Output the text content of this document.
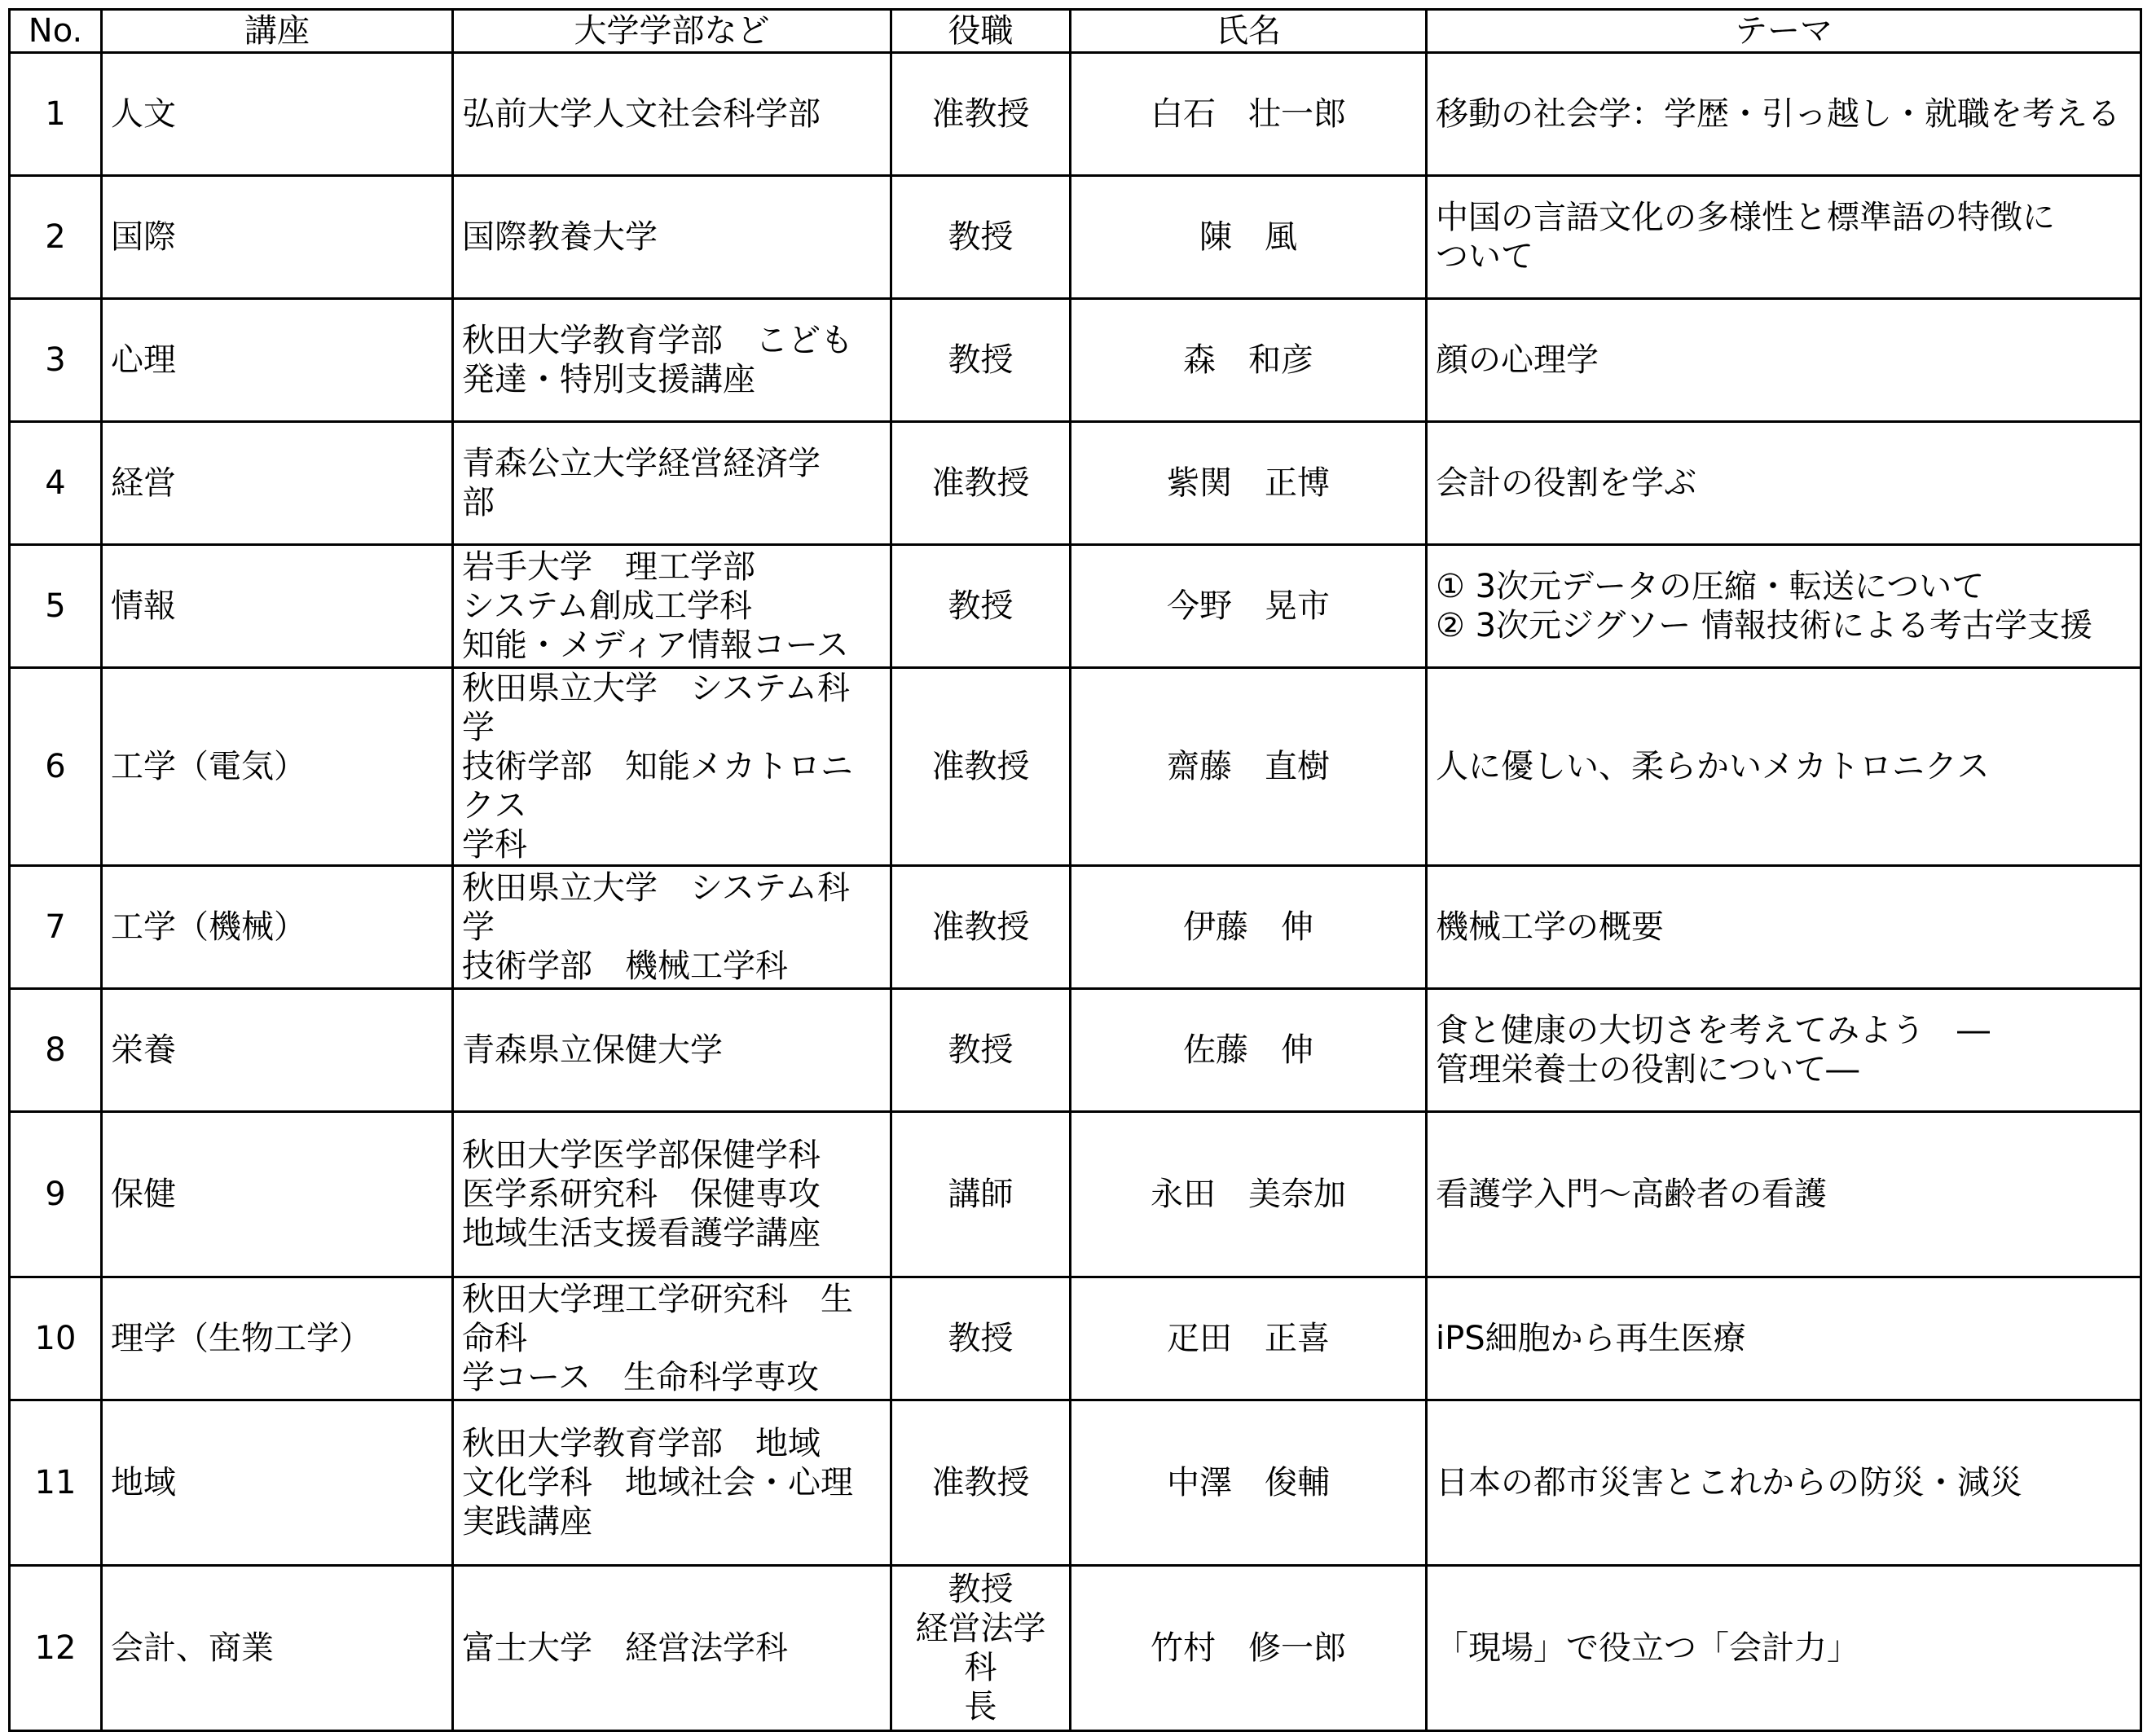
No.	講座	大学学部など	役職	氏名	テーマ
1	人文	弘前大学人文社会科学部	准教授	白石　壮一郎	移動の社会学：学歴・引っ越し・就職を考える

2	国際	国際教養大学	教授	陳　風	中国の言語文化の多様性と標準語の特徴に
ついて

3	心理	秋田大学教育学部　こども
発達・特別支援講座	教授	森　和彦	顔の心理学

4	経営	青森公立大学経営経済学
部	准教授	紫関　正博	会計の役割を学ぶ

5	情報	岩手大学　理工学部
システム創成工学科
知能・メディア情報コース	教授	今野　晃市	① 3次元データの圧縮・転送について
② 3次元ジグソー 情報技術による考古学支援

6	工学（電気）	秋田県立大学　システム科学
技術学部　知能メカトロニクス
学科	准教授	齋藤　直樹	人に優しい、柔らかいメカトロニクス

7	工学（機械）	秋田県立大学　システム科学
技術学部　機械工学科	准教授	伊藤　伸	機械工学の概要

8	栄養	青森県立保健大学	教授	佐藤　伸	食と健康の大切さを考えてみよう　―
管理栄養士の役割について―

9	保健	秋田大学医学部保健学科
医学系研究科　保健専攻
地域生活支援看護学講座	講師	永田　美奈加	看護学入門～高齢者の看護

10	理学（生物工学）	秋田大学理工学研究科　生命科
学コース　生命科学専攻	教授	疋田　正喜	iPS細胞から再生医療

11	地域	秋田大学教育学部　地域
文化学科　地域社会・心理
実践講座	准教授	中澤　俊輔	日本の都市災害とこれからの防災・減災

12	会計、商業	富士大学　経営法学科	教授
経営法学科
長	竹村　修一郎	「現場」で役立つ「会計力」
